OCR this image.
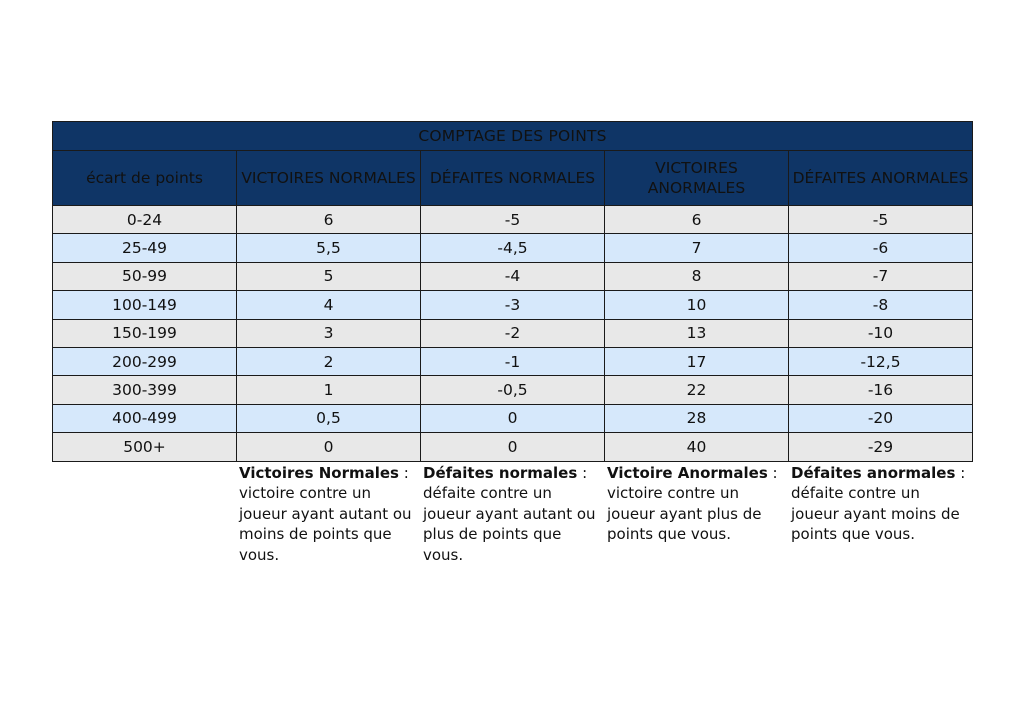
COMPTAGE DES POINTS				
écart de points	VICTOIRES NORMALES	DÉFAITES NORMALES	VICTOIRES ANORMALES	DÉFAITES ANORMALES
0-24	6	-5	6	-5
25-49	5,5	-4,5	7	-6
50-99	5	-4	8	-7
100-149	4	-3	10	-8
150-199	3	-2	13	-10
200-299	2	-1	17	-12,5
300-399	1	-0,5	22	-16
400-499	0,5	0	28	-20
500+	0	0	40	-29
Victoires Normales : victoire contre un joueur ayant autant ou moins de points que vous.
Défaites normales : défaite contre un joueur ayant autant ou plus de points que vous.
Victoire Anormales : victoire contre un joueur ayant plus de points que vous.
Défaites anormales : défaite contre un joueur ayant moins de points que vous.
